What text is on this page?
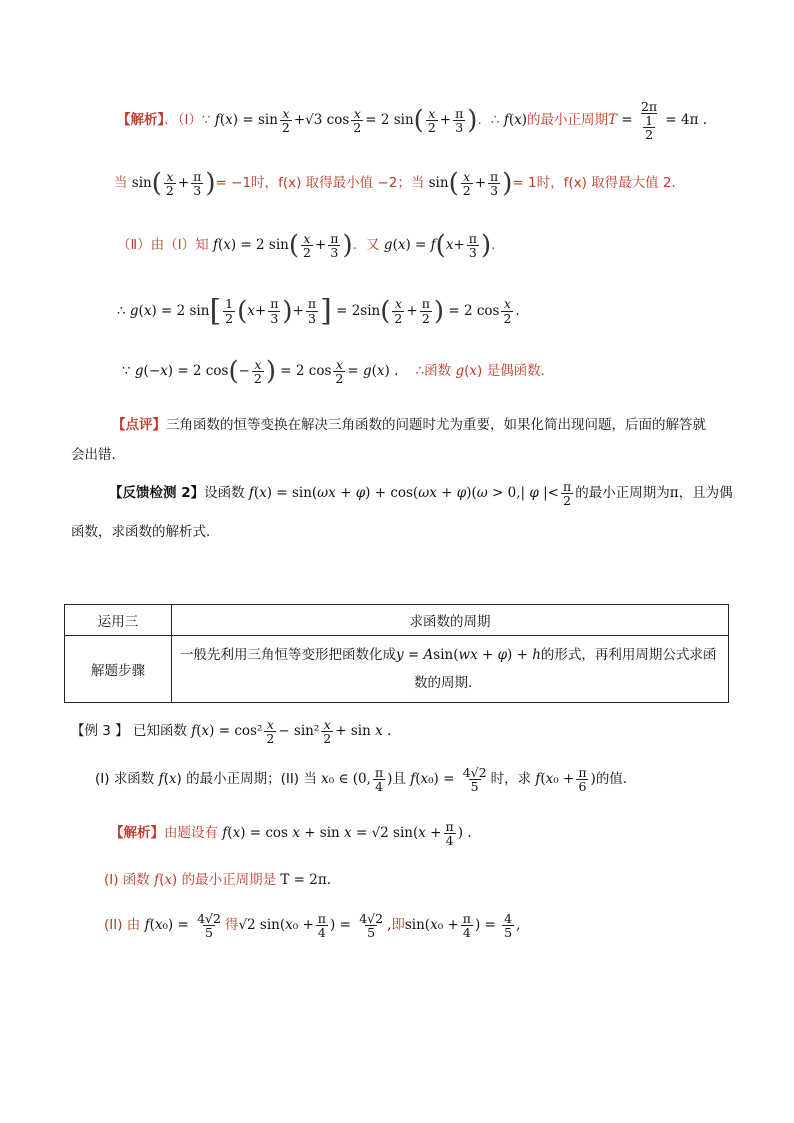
【解析】．（Ⅰ）∵ $f(x) = \sin \frac{x}{2} +√3$ $\cos \frac{x}{2} = 2$ $\sin( \frac{x}{2} + \frac{\pi}{3}$ )．∴ f(x)的最小正周期$T = \frac{2\pi}{\frac{1}{2}} = 4\pi$ .
当 $\sin( \frac{x}{2} + \frac{\pi}{3}$ )= −1时，f(x) 取得最小值 −2；当 $\sin( \frac{x}{2} + \frac{\pi}{3}$ )= 1时，f(x) 取得最大值 2．
（Ⅱ）由（Ⅰ）知 f(x) = 2 $\sin( \frac{x}{2} + \frac{\pi}{3}$ )．又 $g(x) = f(x+ \frac{\pi}{3}$ )．
∴ g(x) = 2 $\sin[ \frac{1}{2} (x+ \frac{\pi}{3}$ )+ $\frac{\pi}{3}$ ] = $2\sin( \frac{x}{2} + \frac{\pi}{2}$ ) = 2 $\cos \frac{x}{2}$ .
∵ g(−x) = 2 $\cos(- \frac{x}{2}$ ) = 2 $\cos \frac{x}{2} = g(x)$ . ∴函数 g(x) 是偶函数．
【点评】三角函数的恒等变换在解决三角函数的问题时尤为重要，如果化简出现问题，后面的解答就
会出错．
【反馈检测 2】设函数 f(x) = sin(ωx + φ) + cos(ωx + φ)(ω > 0,| φ |< $\frac{\pi}{2}$ 的最小正周期为π，且为偶
函数，求函数的解析式.
运用三	求函数的周期
解题步骤	一般先利用三角恒等变形把函数化成y = Asin(wx + φ) + h的形式，再利用周期公式求函
数的周期.
【例 3 】 已知函数 $f(x) = \cos^2 \frac{x}{2} - \sin^2 \frac{x}{2} + \sin x$ .
(I) 求函数 f(x) 的最小正周期；(II) 当 x₀ ∈ (0, $\frac{\pi}{4}$ )且 $f(x_0) = \frac{4√2}{5}$ 时，求 $f(x_0 + \frac{\pi}{6}$ )的值.
【解析】由题设有 f(x) = cos x + sin x = √2 $\sin(x + \frac{\pi}{4}$ ) .
(I) 函数 f(x) 的最小正周期是 T = 2π.
(II) 由 $f(x_0) = \frac{4√2}{5}$ 得√2 $\sin(x_0 + \frac{\pi}{4}$ ) = $\frac{4√2}{5}$ ,即$\sin(x_0 + \frac{\pi}{4}$ ) = $\frac{4}{5}$ ,
